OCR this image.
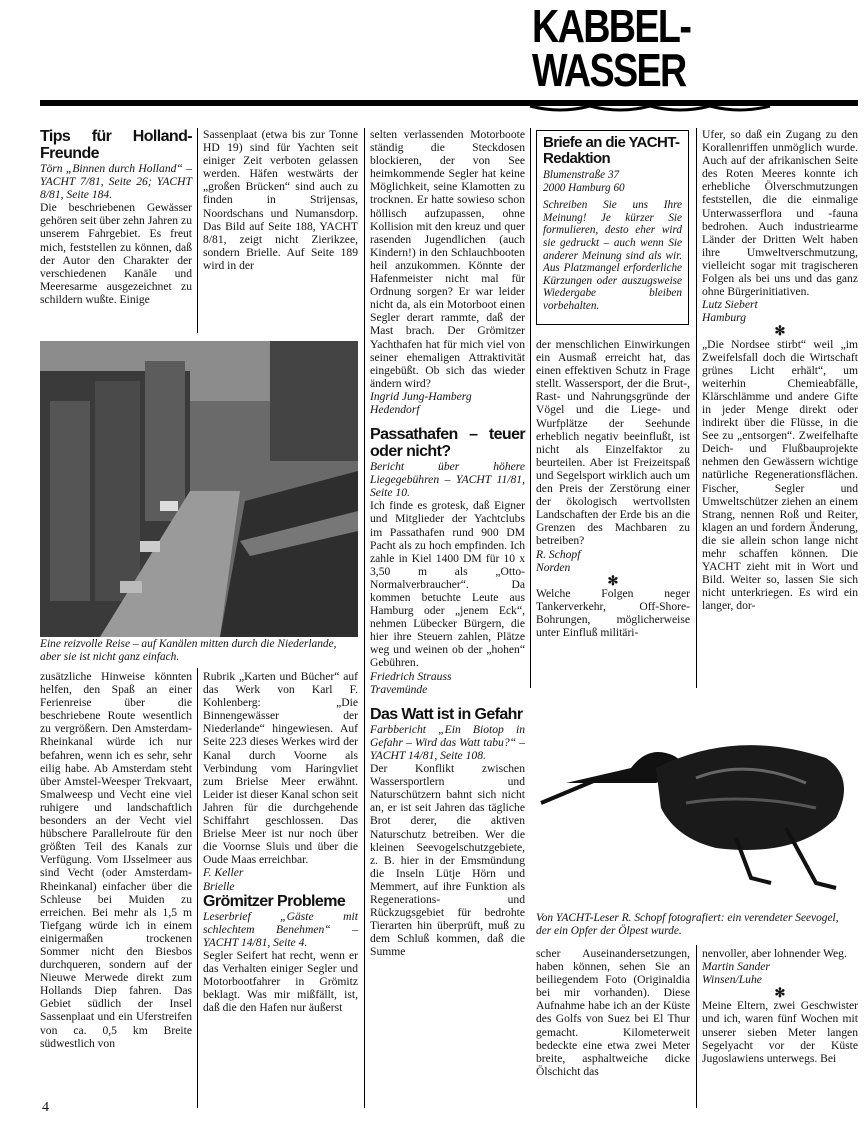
KABBEL-
WASSER

Tips für Holland-Freunde

Törn „Binnen durch Holland“ – YACHT 7/81, Seite 26; YACHT 8/81, Seite 184.

Die beschriebenen Gewässer gehören seit über zehn Jahren zu unserem Fahrgebiet. Es freut mich, feststellen zu können, daß der Autor den Charakter der verschiedenen Kanäle und Meeresarme ausgezeichnet zu schildern wußte. Einige

Sassenplaat (etwa bis zur Tonne HD 19) sind für Yachten seit einiger Zeit verboten gelassen werden. Häfen westwärts der „großen Brücken“ sind auch zu finden in Strijensas, Noordschans und Numansdorp. Das Bild auf Seite 188, YACHT 8/81, zeigt nicht Zierikzee, sondern Brielle. Auf Seite 189 wird in der

Eine reizvolle Reise – auf Kanälen mitten durch die Niederlande, aber sie ist nicht ganz einfach.

zusätzliche Hinweise könnten helfen, den Spaß an einer Ferienreise über die beschriebene Route wesentlich zu vergrößern. Den Amsterdam-Rheinkanal würde ich nur befahren, wenn ich es sehr, sehr eilig habe. Ab Amsterdam steht über Amstel-Weesper Trekvaart, Smalweesp und Vecht eine viel ruhigere und landschaftlich besonders an der Vecht viel hübschere Parallelroute für den größten Teil des Kanals zur Verfügung. Vom IJsselmeer aus sind Vecht (oder Amsterdam-Rheinkanal) einfacher über die Schleuse bei Muiden zu erreichen. Bei mehr als 1,5 m Tiefgang würde ich in einem einigermaßen trockenen Sommer nicht den Biesbos durchqueren, sondern auf der Nieuwe Merwede direkt zum Hollands Diep fahren. Das Gebiet südlich der Insel Sassenplaat und ein Uferstreifen von ca. 0,5 km Breite südwestlich von

Rubrik „Karten und Bücher“ auf das Werk von Karl F. Kohlenberg: „Die Binnengewässer der Niederlande“ hingewiesen. Auf Seite 223 dieses Werkes wird der Kanal durch Voorne als Verbindung vom Haringvliet zum Brielse Meer erwähnt. Leider ist dieser Kanal schon seit Jahren für die durchgehende Schiffahrt geschlossen. Das Brielse Meer ist nur noch über die Voornse Sluis und über die Oude Maas erreichbar.

F. Keller

Brielle

Grömitzer Probleme

Leserbrief „Gäste mit schlechtem Benehmen“ – YACHT 14/81, Seite 4.

Segler Seifert hat recht, wenn er das Verhalten einiger Segler und Motorbootfahrer in Grömitz beklagt. Was mir mißfällt, ist, daß die den Hafen nur äußerst

selten verlassenden Motorboote ständig die Steckdosen blockieren, der von See heimkommende Segler hat keine Möglichkeit, seine Klamotten zu trocknen. Er hatte sowieso schon höllisch aufzupassen, ohne Kollision mit den kreuz und quer rasenden Jugendlichen (auch Kindern!) in den Schlauchbooten heil anzukommen. Könnte der Hafenmeister nicht mal für Ordnung sorgen? Er war leider nicht da, als ein Motorboot einen Segler derart rammte, daß der Mast brach. Der Grömitzer Yachthafen hat für mich viel von seiner ehemaligen Attraktivität eingebüßt. Ob sich das wieder ändern wird?

Ingrid Jung-Hamberg

Hedendorf

Passathafen – teuer oder nicht?

Bericht über höhere Liegegebühren – YACHT 11/81, Seite 10.

Ich finde es grotesk, daß Eigner und Mitglieder der Yachtclubs im Passathafen rund 900 DM Pacht als zu hoch empfinden. Ich zahle in Kiel 1400 DM für 10 x 3,50 m als „Otto-Normalverbraucher“. Da kommen betuchte Leute aus Hamburg oder „jenem Eck“, nehmen Lübecker Bürgern, die hier ihre Steuern zahlen, Plätze weg und weinen ob der „hohen“ Gebühren.

Friedrich Strauss

Travemünde

Das Watt ist in Gefahr

Farbbericht „Ein Biotop in Gefahr – Wird das Watt tabu?“ – YACHT 14/81, Seite 108.

Der Konflikt zwischen Wassersportlern und Naturschützern bahnt sich nicht an, er ist seit Jahren das tägliche Brot derer, die aktiven Naturschutz betreiben. Wer die kleinen Seevogelschutzgebiete, z. B. hier in der Emsmündung die Inseln Lütje Hörn und Memmert, auf ihre Funktion als Regenerations- und Rückzugsgebiet für bedrohte Tierarten hin überprüft, muß zu dem Schluß kommen, daß die Summe

Briefe an die YACHT-Redaktion

Blumenstraße 37

2000 Hamburg 60

Schreiben Sie uns Ihre Meinung! Je kürzer Sie formulieren, desto eher wird sie gedruckt – auch wenn Sie anderer Meinung sind als wir. Aus Platzmangel erforderliche Kürzungen oder auszugsweise Wiedergabe bleiben vorbehalten.

der menschlichen Einwirkungen ein Ausmaß erreicht hat, das einen effektiven Schutz in Frage stellt. Wassersport, der die Brut-, Rast- und Nahrungsgründe der Vögel und die Liege- und Wurfplätze der Seehunde erheblich negativ beeinflußt, ist nicht als Einzelfaktor zu beurteilen. Aber ist Freizeitspaß und Segelsport wirklich auch um den Preis der Zerstörung einer der ökologisch wertvollsten Landschaften der Erde bis an die Grenzen des Machbaren zu betreiben?

R. Schopf

Norden

✻

Welche Folgen neger Tankerverkehr, Off-Shore-Bohrungen, möglicherweise unter Einfluß militäri-

Ufer, so daß ein Zugang zu den Korallenriffen unmöglich wurde. Auch auf der afrikanischen Seite des Roten Meeres konnte ich erhebliche Ölverschmutzungen feststellen, die die einmalige Unterwasserflora und -fauna bedrohen. Auch industriearme Länder der Dritten Welt haben ihre Umweltverschmutzung, vielleicht sogar mit tragischeren Folgen als bei uns und das ganz ohne Bürgerinitiativen.

Lutz Siebert

Hamburg

✻

„Die Nordsee stirbt“ weil „im Zweifelsfall doch die Wirtschaft grünes Licht erhält“, um weiterhin Chemieabfälle, Klärschlämme und andere Gifte in jeder Menge direkt oder indirekt über die Flüsse, in die See zu „entsorgen“. Zweifelhafte Deich- und Flußbauprojekte nehmen den Gewässern wichtige natürliche Regenerationsflächen. Fischer, Segler und Umweltschützer ziehen an einem Strang, nennen Roß und Reiter, klagen an und fordern Änderung, die sie allein schon lange nicht mehr schaffen können. Die YACHT zieht mit in Wort und Bild. Weiter so, lassen Sie sich nicht unterkriegen. Es wird ein langer, dor-

Von YACHT-Leser R. Schopf fotografiert: ein verendeter Seevogel, der ein Opfer der Ölpest wurde.

scher Auseinandersetzungen, haben können, sehen Sie an beiliegendem Foto (Originaldia bei mir vorhanden). Diese Aufnahme habe ich an der Küste des Golfs von Suez bei El Thur gemacht. Kilometerweit bedeckte eine etwa zwei Meter breite, asphaltweiche dicke Ölschicht das

nenvoller, aber lohnender Weg.

Martin Sander

Winsen/Luhe

✻

Meine Eltern, zwei Geschwister und ich, waren fünf Wochen mit unserer sieben Meter langen Segelyacht vor der Küste Jugoslawiens unterwegs. Bei

4
